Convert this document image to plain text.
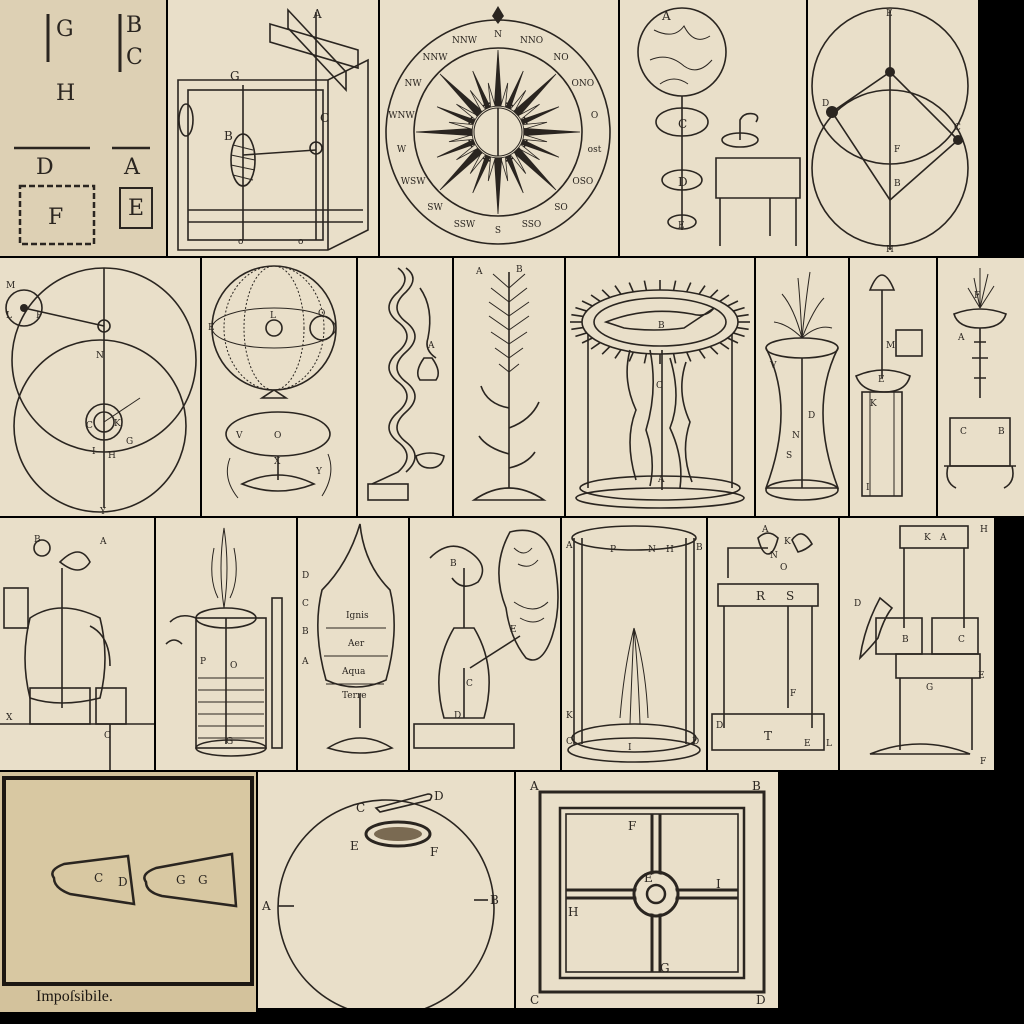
G B
C
H
D	A
F	E
A
G
B
C
o	o
N
NNO
NO
ONO
O
ost
OSO
SO
SSO
S
SSW
SW
WSW
W
WNW
NW
NNW
NNW
A
C
D
E
E
D
C
F
B
H
M
L	P
N
C K
G
I H
Y
L	Q
E
V	O
X
Y
A
A	B
B
C
A
V
N
S
D
M
E
K
I
F
A
C	B
B	A
C
X
P	O
G
Ignis
Aer
Aqua
Terre
D
C
B
A
B
C
D
E
A	B
P	N H
K
C	D
I
A
K
N
O
R S
F
D
T
E L
K A
H
B	C
D
G
E
F
C D	G G
Impoſsibile.
C
D
E	F
A	B
A	B
F
E	I
H
G
C	D
